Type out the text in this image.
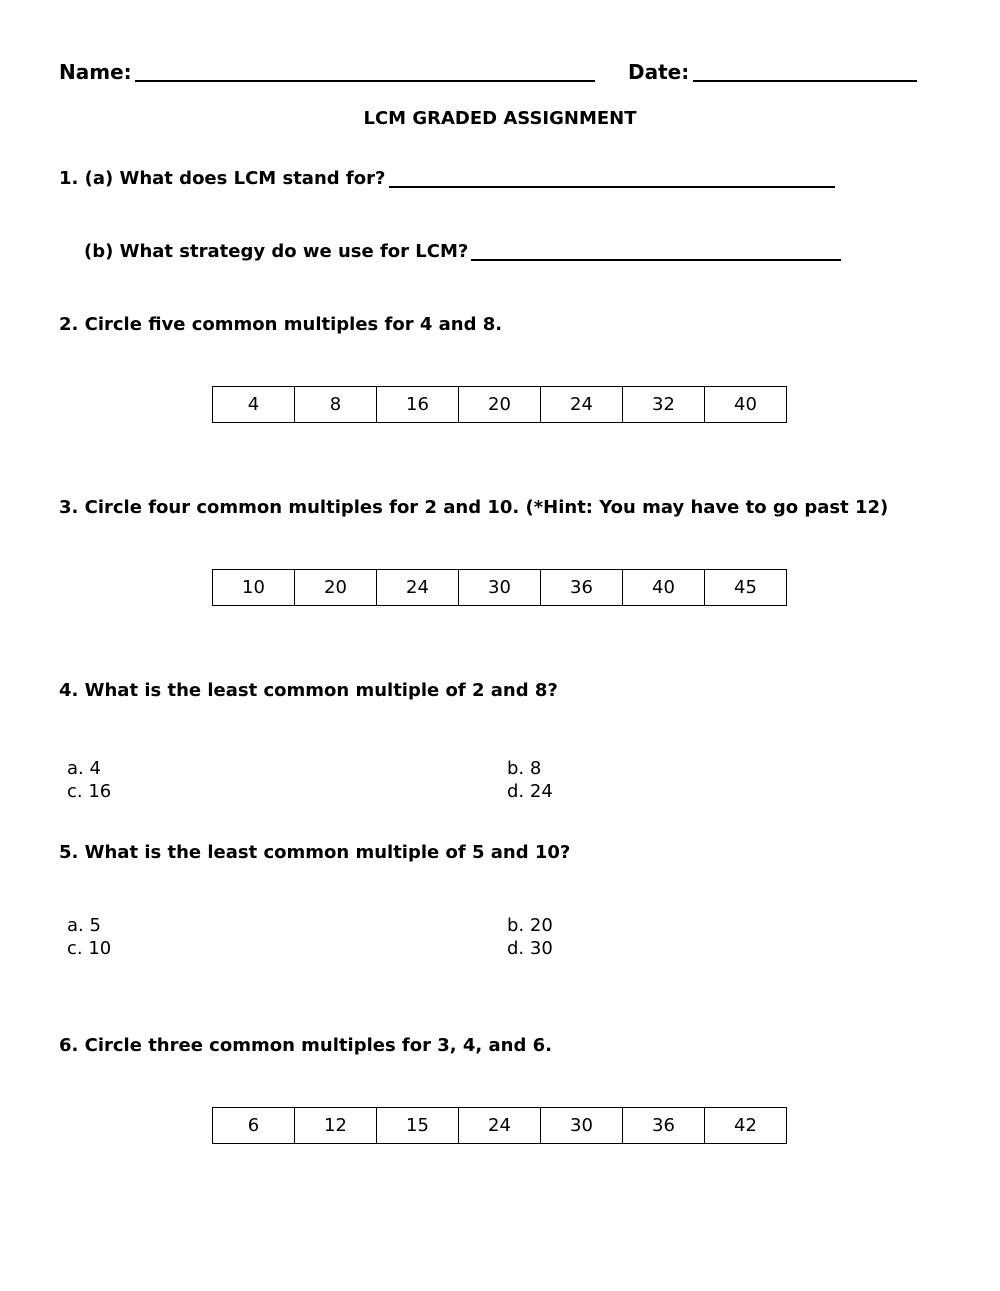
Name:	Date:
LCM GRADED ASSIGNMENT
1. (a) What does LCM stand for?
(b) What strategy do we use for LCM?
2. Circle five common multiples for 4 and 8.
4	8	16	20	24	32	40
3. Circle four common multiples for 2 and 10. (*Hint: You may have to go past 12)
10	20	24	30	36	40	45
4. What is the least common multiple of 2 and 8?
a. 4	b. 8
c. 16	d. 24
5. What is the least common multiple of 5 and 10?
a. 5	b. 20
c. 10	d. 30
6. Circle three common multiples for 3, 4, and 6.
6	12	15	24	30	36	42
